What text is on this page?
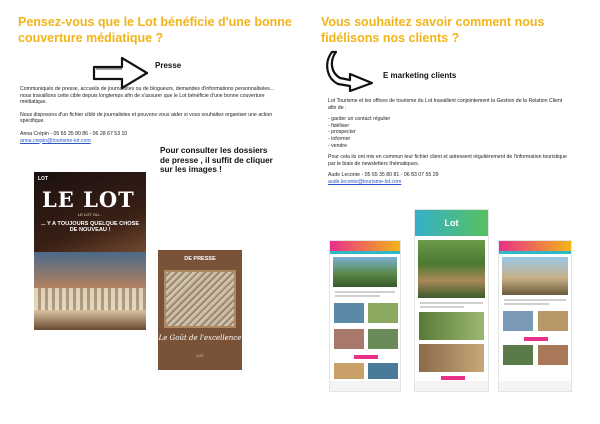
Pensez-vous que le Lot bénéficie d'une bonne couverture médiatique ?
Presse

Communiqués de presse, accueils de journalistes ou de blogueurs, demandes d'informations personnalisées... nous travaillons cette cible depuis longtemps afin de s'assurer que le Lot bénéficie d'une bonne couverture médiatique.

Nous disposons d'un fichier ciblé de journalistes et pouvons vous aider si vous souhaitez organiser une action spécifique.

Anna Crépin - 05 65 35 80 86 - 06 28 67 53 10
anna.crepin@tourisme-lot.com
Pour consulter les dossiers de presse , il suffit de cliquer sur les images !
LOT
LE LOT
LE LOT OU...
... Y A TOUJOURS QUELQUE CHOSE DE NOUVEAU !
DE PRESSE
Le Goût de l'excellence
LOT
Vous souhaitez savoir comment nous fidélisons nos clients ?
E marketing clients

Lot Tourisme et les offices de tourisme du Lot travaillent conjointement la Gestion de la Relation Client afin de :

- garder un contact régulier
- fidéliser
- prospecter
- informer
- vendre

Pour cela ils ont mis en commun leur fichier client et adressent régulièrement de l'information touristique par le biais de newsletters thématiques.

Aude Leconte - 05 65 35 80 81 - 06 83 07 55 29
aude.leconte@tourisme-lot.com
Lot
